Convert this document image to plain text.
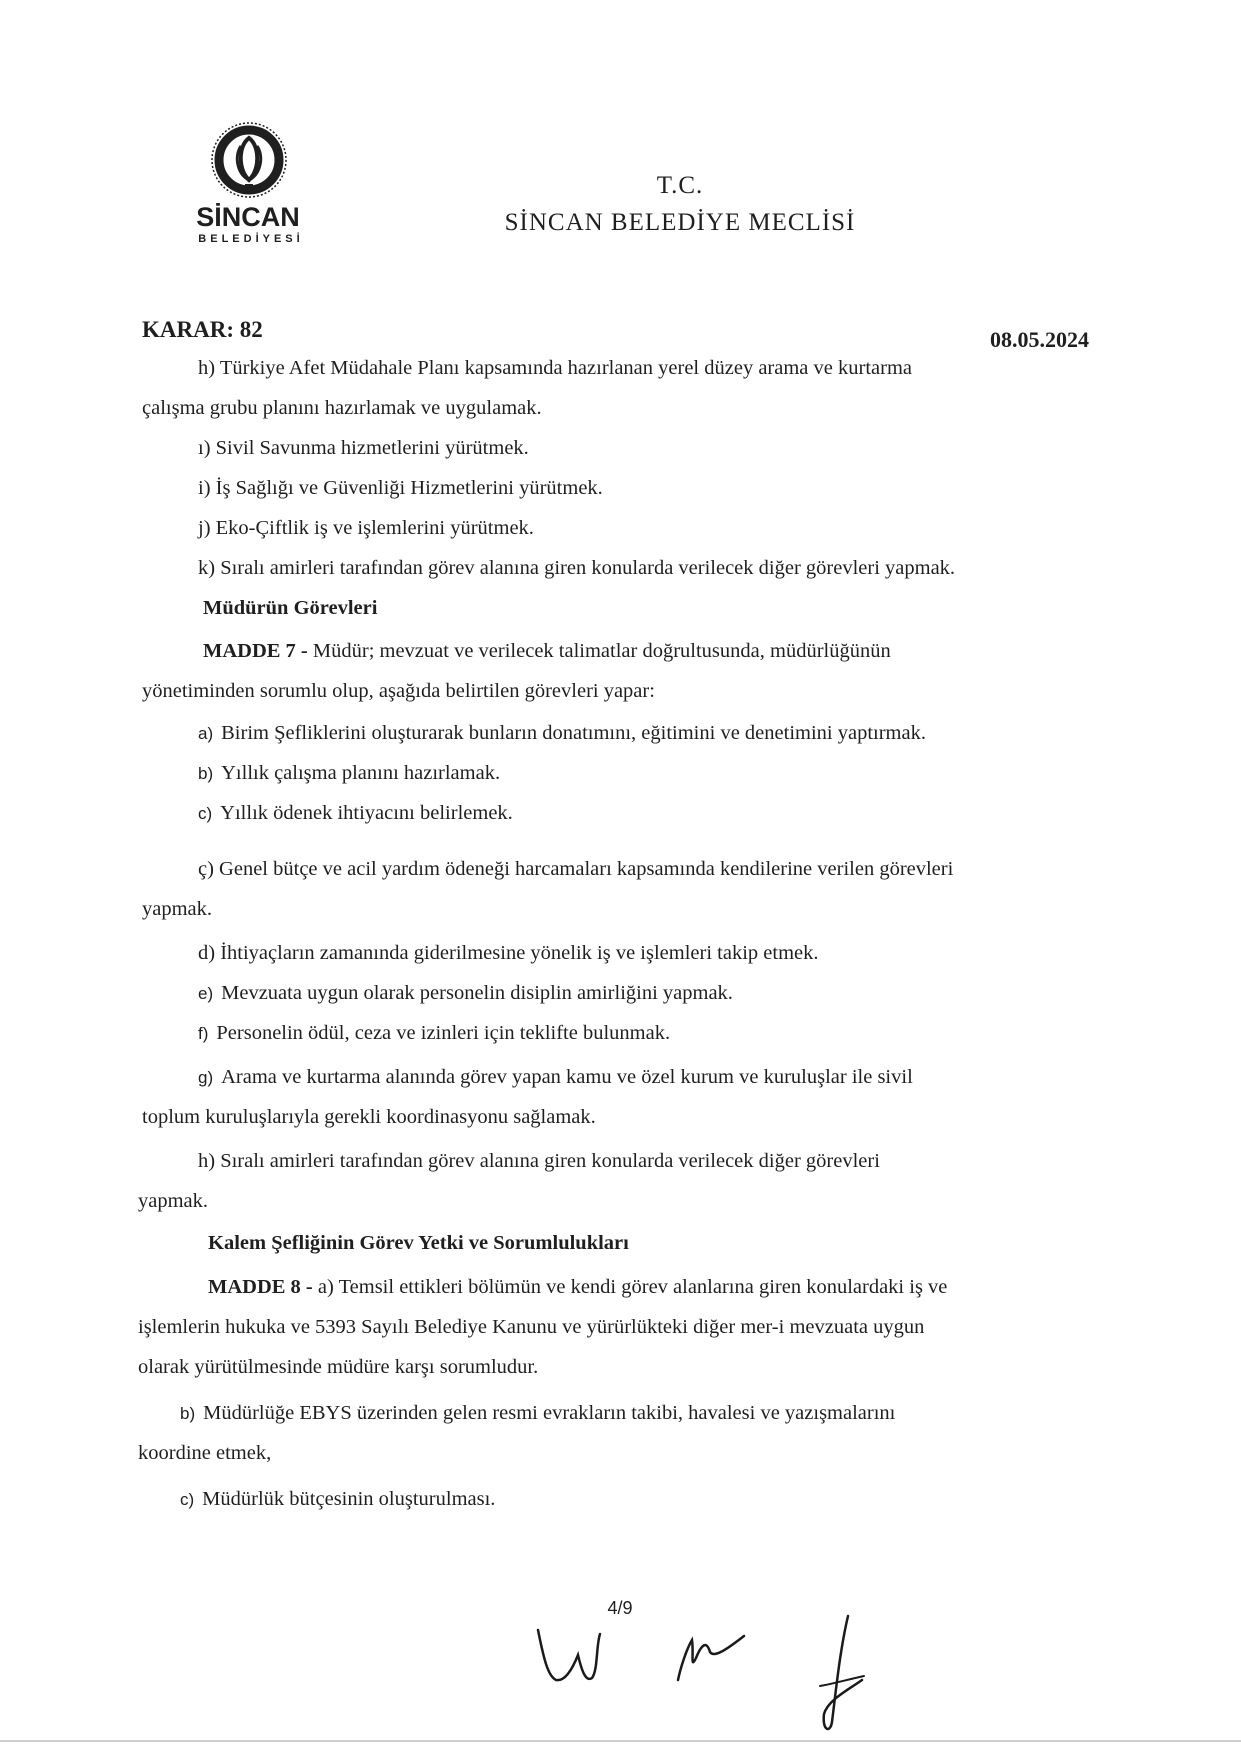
SİNCAN
BELEDİYESİ
T.C.
SİNCAN BELEDİYE MECLİSİ
KARAR: 82	08.05.2024
h) Türkiye Afet Müdahale Planı kapsamında hazırlanan yerel düzey arama ve kurtarma
çalışma grubu planını hazırlamak ve uygulamak.
ı) Sivil Savunma hizmetlerini yürütmek.
i) İş Sağlığı ve Güvenliği Hizmetlerini yürütmek.
j) Eko-Çiftlik iş ve işlemlerini yürütmek.
k) Sıralı amirleri tarafından görev alanına giren konularda verilecek diğer görevleri yapmak.
Müdürün Görevleri
MADDE 7 - Müdür; mevzuat ve verilecek talimatlar doğrultusunda, müdürlüğünün
yönetiminden sorumlu olup, aşağıda belirtilen görevleri yapar:
a) Birim Şefliklerini oluşturarak bunların donatımını, eğitimini ve denetimini yaptırmak.
b) Yıllık çalışma planını hazırlamak.
c) Yıllık ödenek ihtiyacını belirlemek.
ç) Genel bütçe ve acil yardım ödeneği harcamaları kapsamında kendilerine verilen görevleri
yapmak.
d) İhtiyaçların zamanında giderilmesine yönelik iş ve işlemleri takip etmek.
e) Mevzuata uygun olarak personelin disiplin amirliğini yapmak.
f) Personelin ödül, ceza ve izinleri için teklifte bulunmak.
g) Arama ve kurtarma alanında görev yapan kamu ve özel kurum ve kuruluşlar ile sivil
toplum kuruluşlarıyla gerekli koordinasyonu sağlamak.
h) Sıralı amirleri tarafından görev alanına giren konularda verilecek diğer görevleri
yapmak.
Kalem Şefliğinin Görev Yetki ve Sorumlulukları
MADDE 8 - a) Temsil ettikleri bölümün ve kendi görev alanlarına giren konulardaki iş ve
işlemlerin hukuka ve 5393 Sayılı Belediye Kanunu ve yürürlükteki diğer mer-i mevzuata uygun
olarak yürütülmesinde müdüre karşı sorumludur.
b) Müdürlüğe EBYS üzerinden gelen resmi evrakların takibi, havalesi ve yazışmalarını
koordine etmek,
c) Müdürlük bütçesinin oluşturulması.
4/9
